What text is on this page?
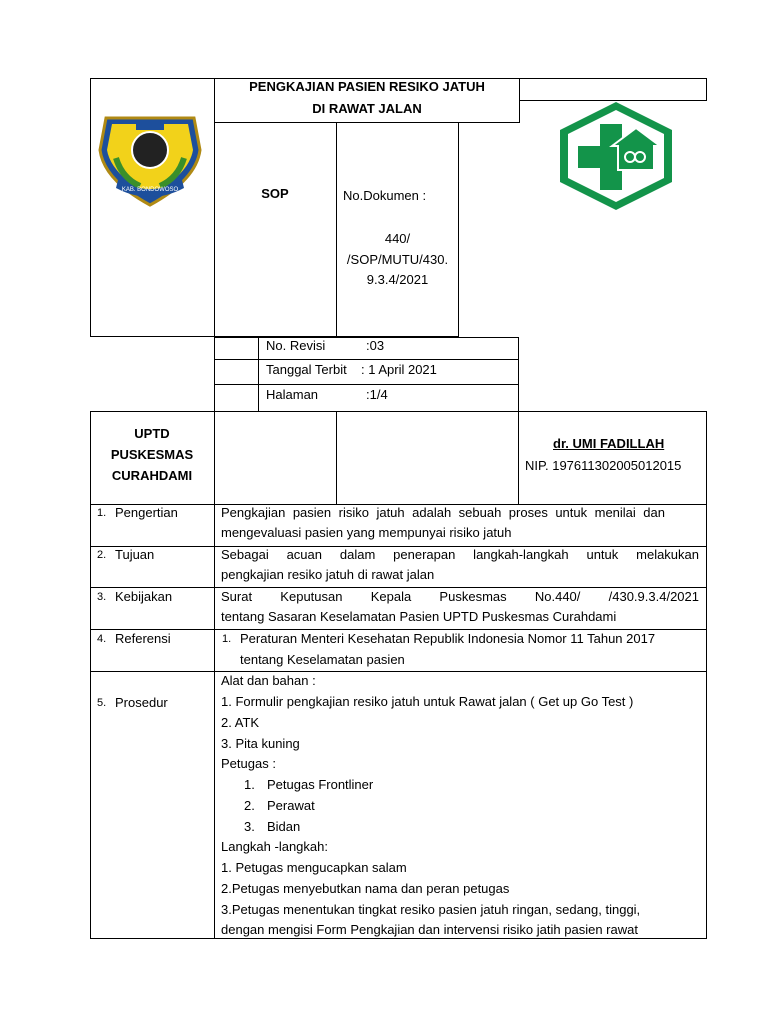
KAB. BONDOWOSO
PENGKAJIAN PASIEN RESIKO JATUH
DI RAWAT JALAN
SOP	No.Dokumen :
440/
/SOP/MUTU/430.
9.3.4/2021
No. Revisi	:03
Tanggal Terbit : 1 April 2021
Halaman	:1/4
UPTD
PUSKESMAS
CURAHDAMI
dr. UMI FADILLAH
NIP. 197611302005012015
1. Pengertian	Pengkajian pasien risiko jatuh adalah sebuah proses untuk menilai dan
mengevaluasi pasien yang mempunyai risiko jatuh
2. Tujuan	Sebagai acuan dalam penerapan langkah-langkah untuk melakukan
pengkajian resiko jatuh di rawat jalan
3. Kebijakan	Surat Keputusan Kepala Puskesmas No.440/ /430.9.3.4/2021
tentang Sasaran Keselamatan Pasien UPTD Puskesmas Curahdami
4. Referensi	1. Peraturan Menteri Kesehatan Republik Indonesia Nomor 11 Tahun 2017
tentang Keselamatan pasien
5. Prosedur
Alat dan bahan :
1. Formulir pengkajian resiko jatuh untuk Rawat jalan ( Get up Go Test )
2. ATK
3. Pita kuning
Petugas :
1. Petugas Frontliner
2. Perawat
3. Bidan
Langkah -langkah:
1. Petugas mengucapkan salam
2.Petugas menyebutkan nama dan peran petugas
3.Petugas menentukan tingkat resiko pasien jatuh ringan, sedang, tinggi,
dengan mengisi Form Pengkajian dan intervensi risiko jatih pasien rawat
